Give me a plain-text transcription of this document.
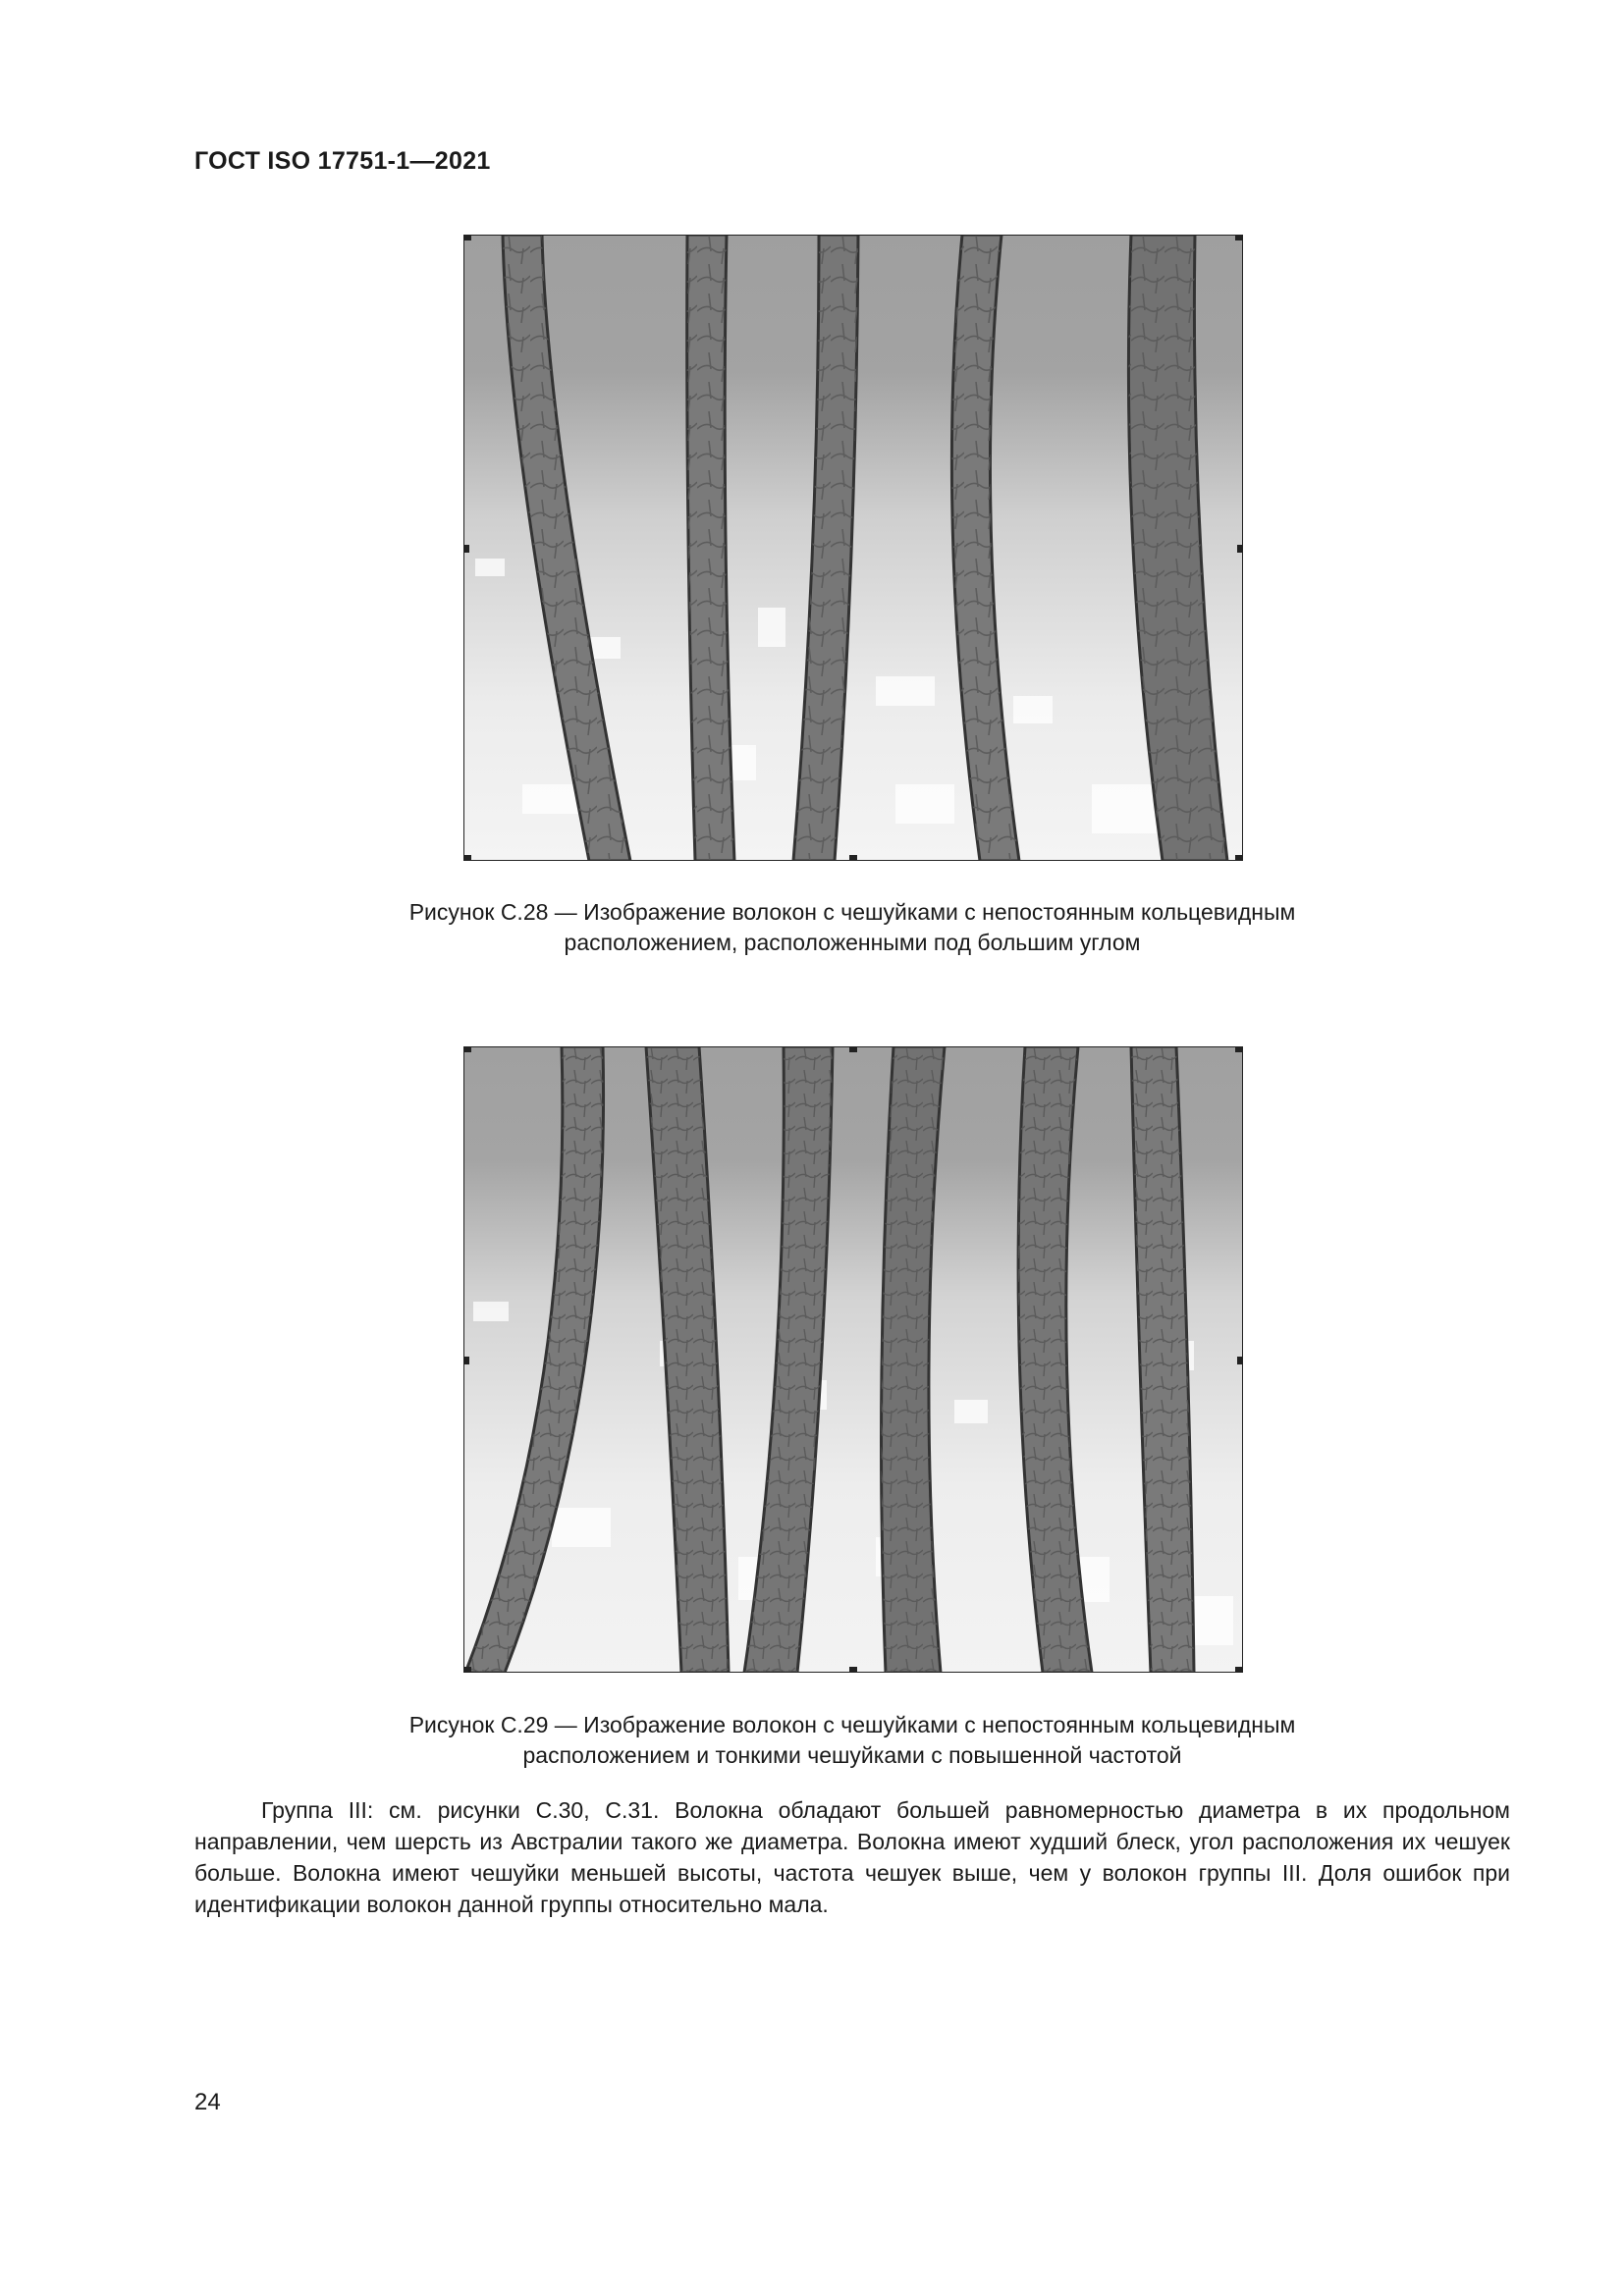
ГОСТ ISO 17751-1—2021
Рисунок С.28 — Изображение волокон с чешуйками с непостоянным кольцевидным
расположением, расположенными под большим углом
Рисунок С.29 — Изображение волокон с чешуйками с непостоянным кольцевидным
расположением и тонкими чешуйками с повышенной частотой
Группа III: см. рисунки С.30, С.31. Волокна обладают большей равномерностью диаметра в их продольном направлении, чем шерсть из Австралии такого же диаметра. Волокна имеют худший блеск, угол расположения их чешуек больше. Волокна имеют чешуйки меньшей высоты, частота чешуек выше, чем у волокон группы III. Доля ошибок при идентификации волокон данной группы относительно мала.
24
